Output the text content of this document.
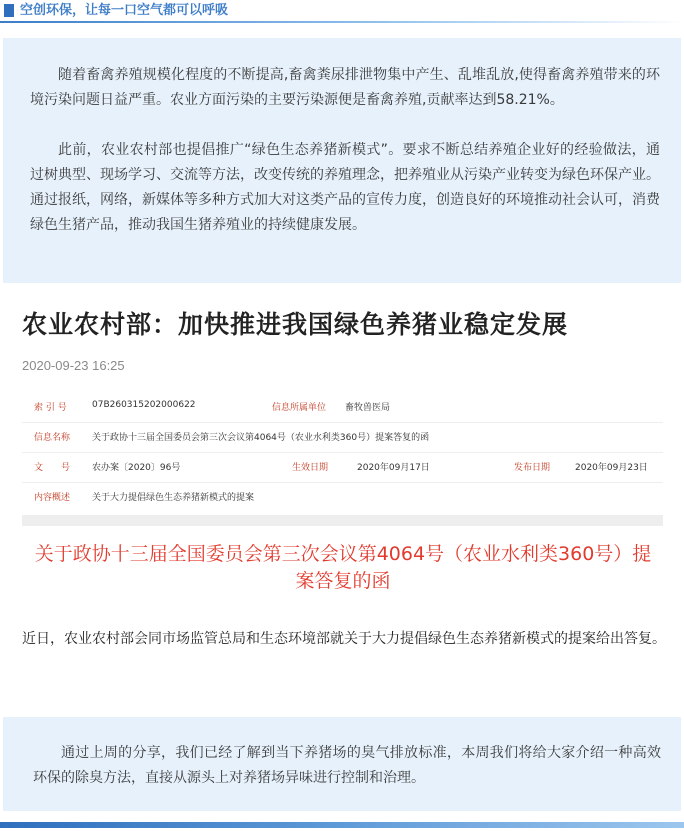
空创环保，让每一口空气都可以呼吸

随着畜禽养殖规模化程度的不断提高,畜禽粪尿排泄物集中产生、乱堆乱放,使得畜禽养殖带来的环境污染问题日益严重。农业方面污染的主要污染源便是畜禽养殖,贡献率达到58.21%。

此前，农业农村部也提倡推广“绿色生态养猪新模式”。要求不断总结养殖企业好的经验做法，通过树典型、现场学习、交流等方法，改变传统的养殖理念，把养殖业从污染产业转变为绿色环保产业。通过报纸，网络，新媒体等多种方式加大对这类产品的宣传力度，创造良好的环境推动社会认可，消费绿色生猪产品，推动我国生猪养殖业的持续健康发展。

农业农村部：加快推进我国绿色养猪业稳定发展
2020-09-23 16:25
索 引 号	07B260315202000622	信息所属单位 畜牧兽医局
信息名称 关于政协十三届全国委员会第三次会议第4064号（农业水利类360号）提案答复的函
文　　号 农办案〔2020〕96号	生效日期	2020年09月17日	发布日期	2020年09月23日
内容概述 关于大力提倡绿色生态养猪新模式的提案
关于政协十三届全国委员会第三次会议第4064号（农业水利类360号）提案答复的函

近日，农业农村部会同市场监管总局和生态环境部就关于大力提倡绿色生态养猪新模式的提案给出答复。

通过上周的分享，我们已经了解到当下养猪场的臭气排放标准，本周我们将给大家介绍一种高效环保的除臭方法，直接从源头上对养猪场异味进行控制和治理。
